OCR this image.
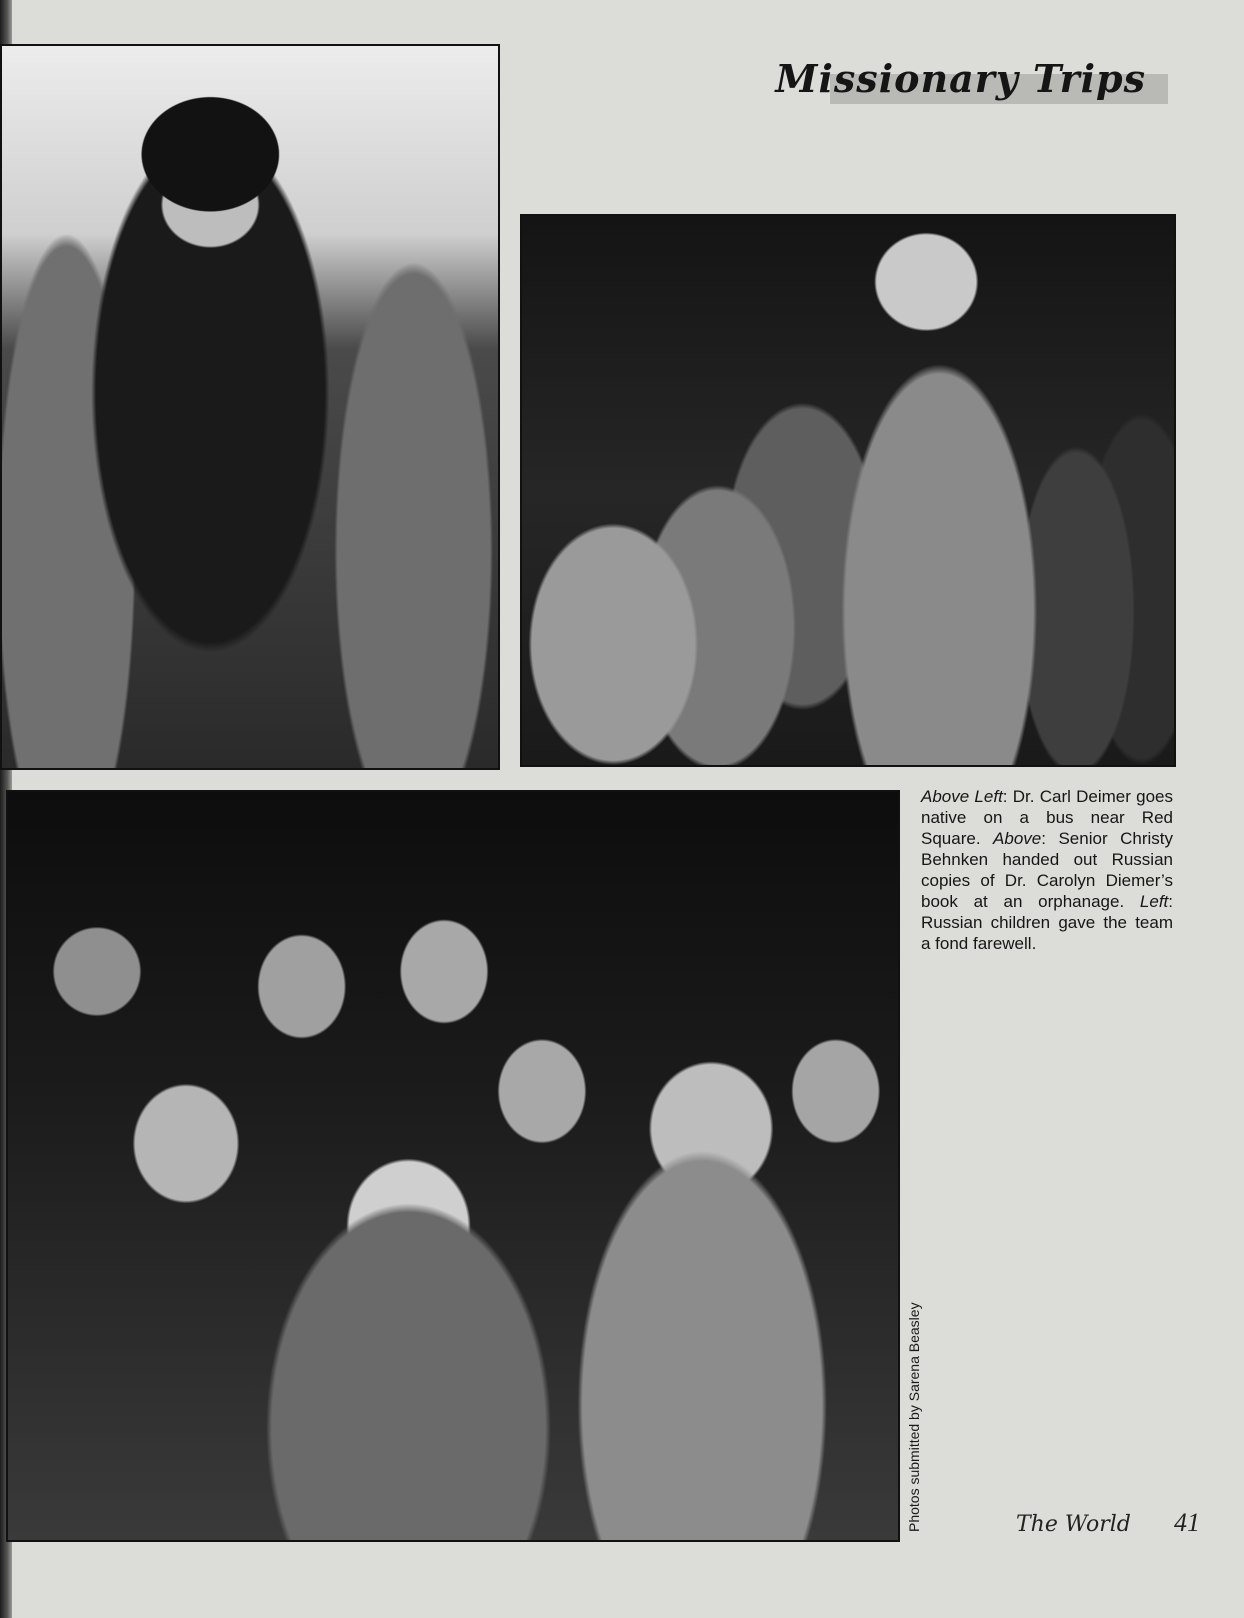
Missionary Trips
Above Left: Dr. Carl Deimer goes native on a bus near Red Square. Above: Senior Christy Behnken handed out Russian copies of Dr. Carolyn Diemer’s book at an orphanage. Left: Russian children gave the team a fond farewell.
Photos submitted by Sarena Beasley	The World 41
